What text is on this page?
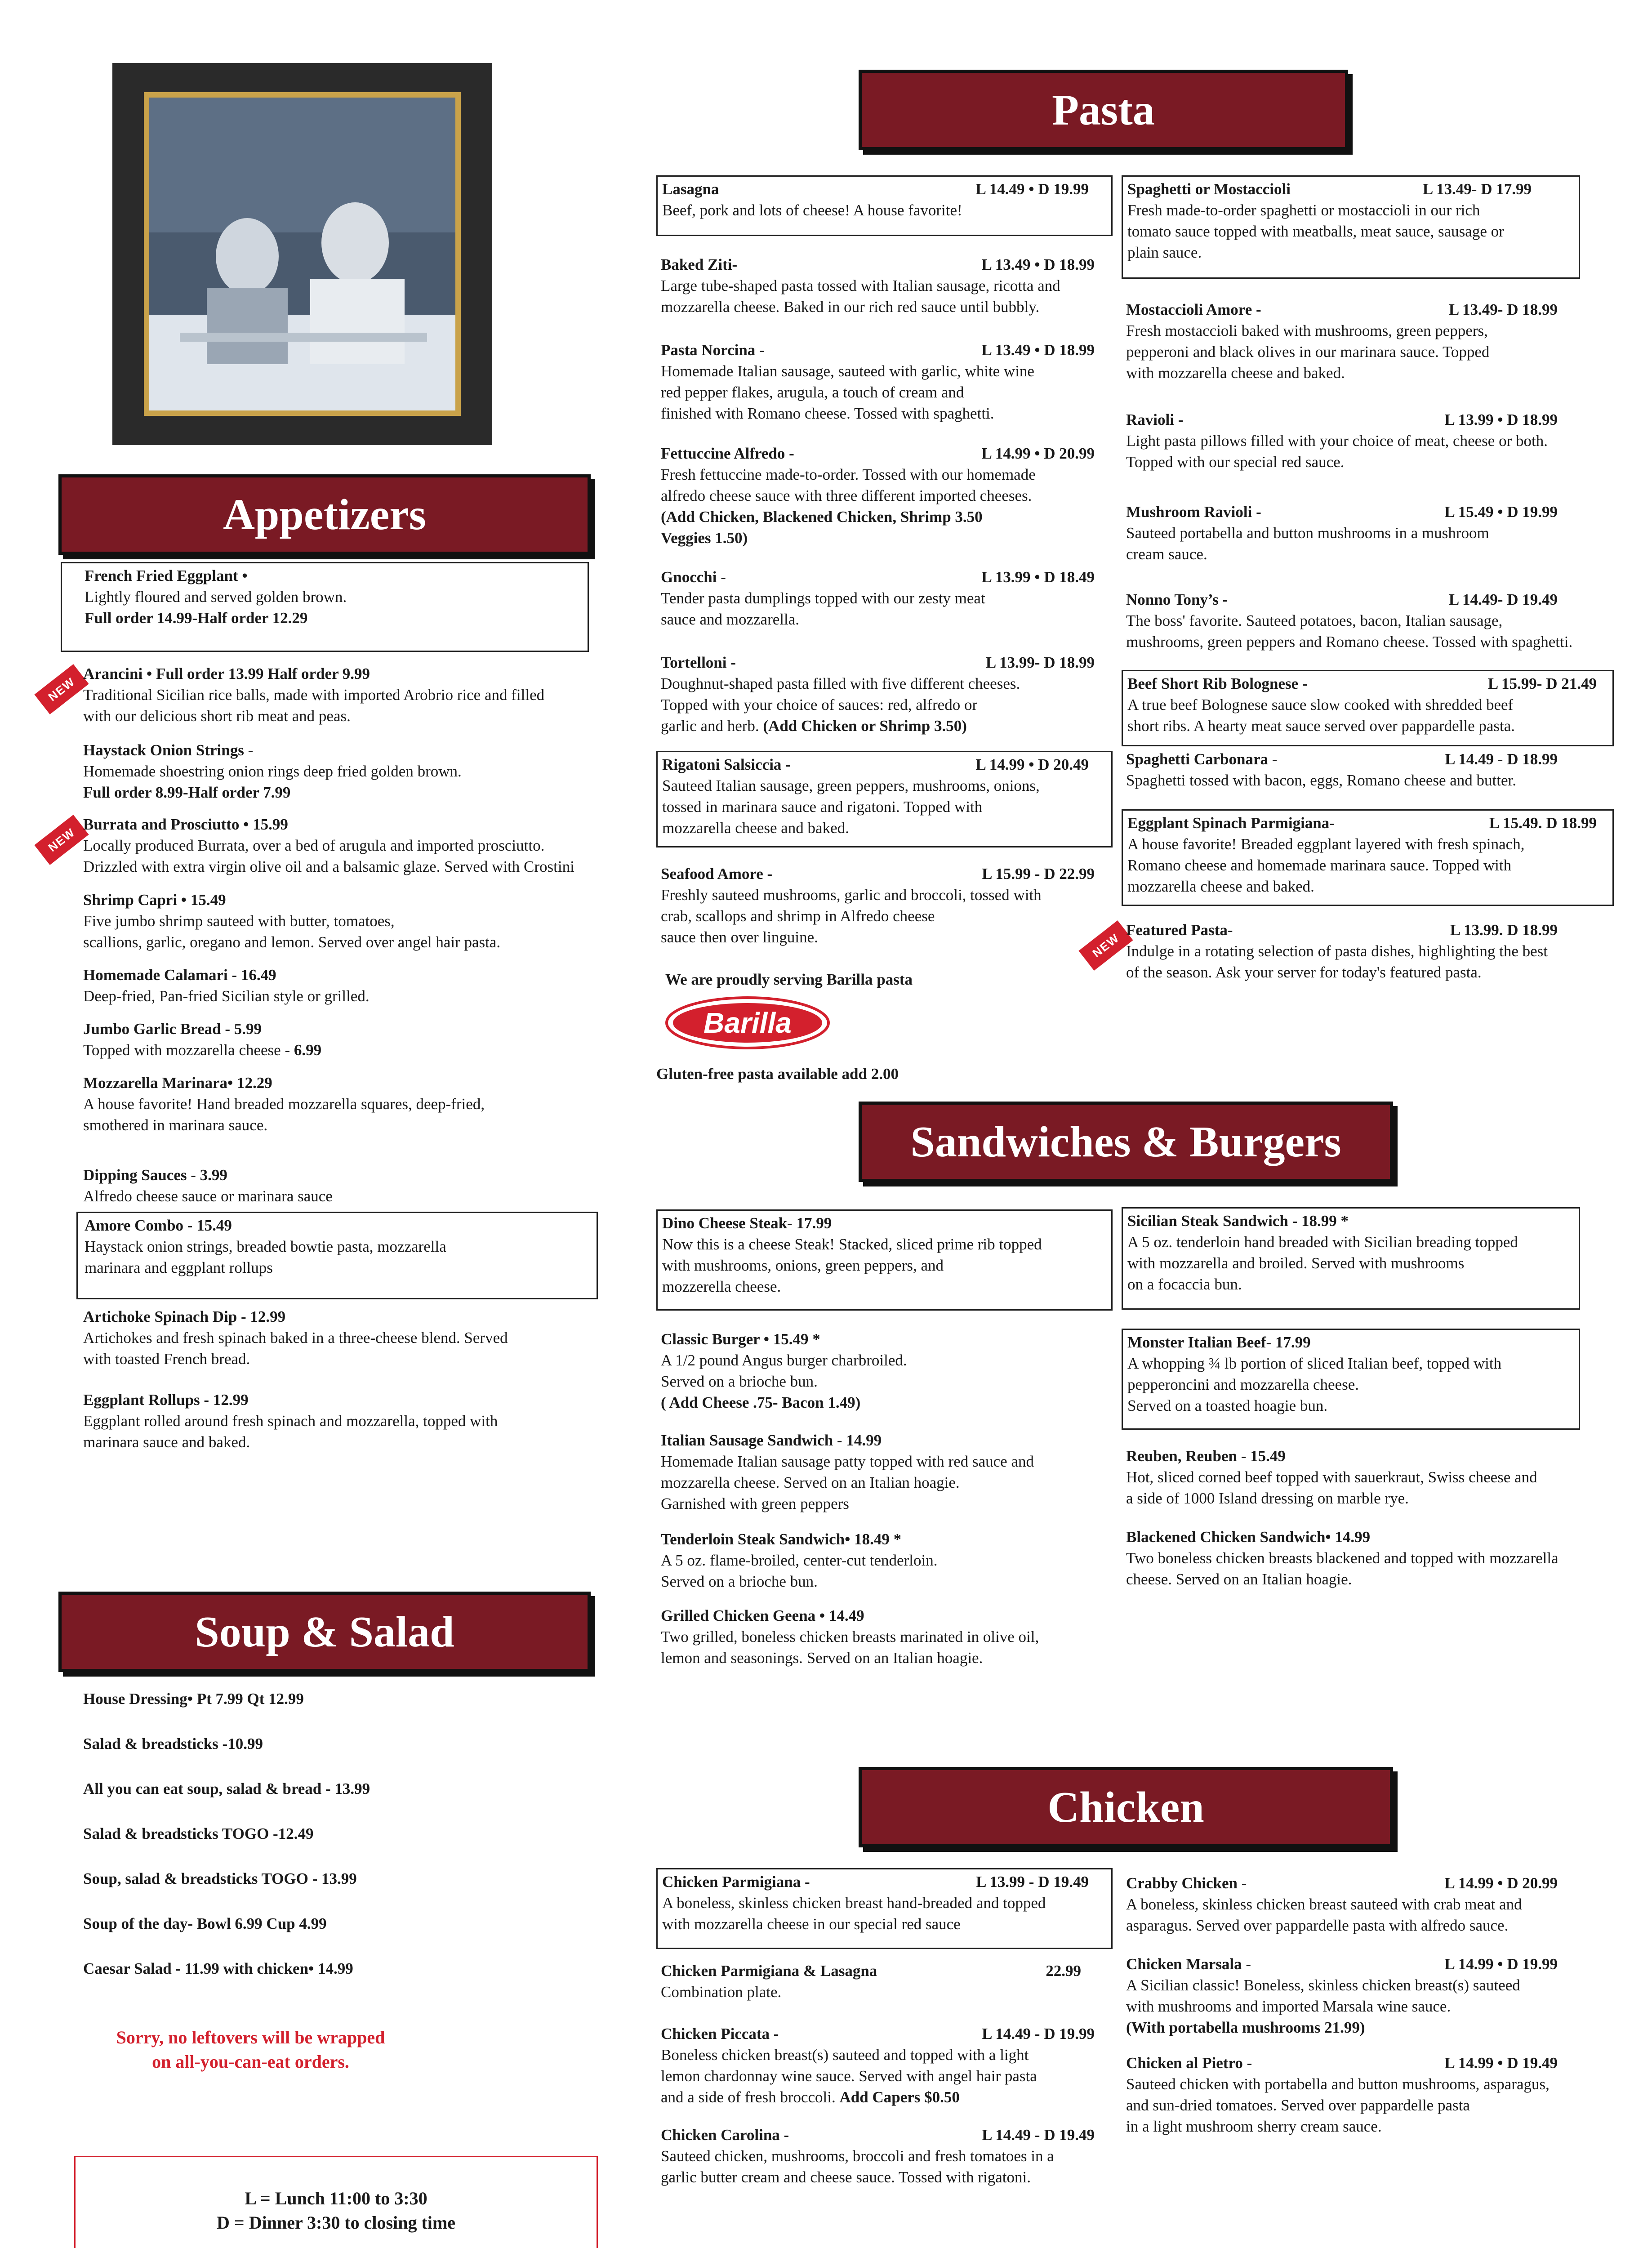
Pasta
Appetizers
Soup & Salad
Sandwiches & Burgers
Chicken
French Fried Eggplant •
Lightly floured and served golden brown.
Full order 14.99-Half order 12.29
NEW
Arancini • Full order 13.99 Half order 9.99
Traditional Sicilian rice balls, made with imported Arobrio rice and filled
with our delicious short rib meat and peas.
Haystack Onion Strings -
Homemade shoestring onion rings deep fried golden brown.
Full order 8.99-Half order 7.99
NEW
Burrata and Prosciutto • 15.99
Locally produced Burrata, over a bed of arugula and imported prosciutto.
Drizzled with extra virgin olive oil and a balsamic glaze. Served with Crostini
Shrimp Capri • 15.49
Five jumbo shrimp sauteed with butter, tomatoes,
scallions, garlic, oregano and lemon. Served over angel hair pasta.
Homemade Calamari - 16.49
Deep-fried, Pan-fried Sicilian style or grilled.
Jumbo Garlic Bread - 5.99
Topped with mozzarella cheese - 6.99
Mozzarella Marinara• 12.29
A house favorite! Hand breaded mozzarella squares, deep-fried,
smothered in marinara sauce.
Dipping Sauces - 3.99
Alfredo cheese sauce or marinara sauce
Amore Combo - 15.49
Haystack onion strings, breaded bowtie pasta, mozzarella
marinara and eggplant rollups
Artichoke Spinach Dip - 12.99
Artichokes and fresh spinach baked in a three-cheese blend. Served
with toasted French bread.
Eggplant Rollups - 12.99
Eggplant rolled around fresh spinach and mozzarella, topped with
marinara sauce and baked.
House Dressing• Pt 7.99 Qt 12.99
Salad & breadsticks -10.99
All you can eat soup, salad & bread - 13.99
Salad & breadsticks TOGO -12.49
Soup, salad & breadsticks TOGO - 13.99
Soup of the day- Bowl 6.99 Cup 4.99
Caesar Salad - 11.99 with chicken• 14.99
Sorry, no leftovers will be wrapped
on all-you-can-eat orders.
L = Lunch 11:00 to 3:30
D = Dinner 3:30 to closing time
Lasagna	L 14.49 • D 19.99
Beef, pork and lots of cheese! A house favorite!
Baked Ziti-	L 13.49 • D 18.99
Large tube-shaped pasta tossed with Italian sausage, ricotta and
mozzarella cheese. Baked in our rich red sauce until bubbly.
Pasta Norcina -	L 13.49 • D 18.99
Homemade Italian sausage, sauteed with garlic, white wine
red pepper flakes, arugula, a touch of cream and
finished with Romano cheese. Tossed with spaghetti.
Fettuccine Alfredo -	L 14.99 • D 20.99
Fresh fettuccine made-to-order. Tossed with our homemade
alfredo cheese sauce with three different imported cheeses.
(Add Chicken, Blackened Chicken, Shrimp 3.50
Veggies 1.50)
Gnocchi -	L 13.99 • D 18.49
Tender pasta dumplings topped with our zesty meat
sauce and mozzarella.
Tortelloni -	L 13.99- D 18.99
Doughnut-shaped pasta filled with five different cheeses.
Topped with your choice of sauces: red, alfredo or
garlic and herb. (Add Chicken or Shrimp 3.50)
Rigatoni Salsiccia -	L 14.99 • D 20.49
Sauteed Italian sausage, green peppers, mushrooms, onions,
tossed in marinara sauce and rigatoni. Topped with
mozzarella cheese and baked.
Seafood Amore -	L 15.99 - D 22.99
Freshly sauteed mushrooms, garlic and broccoli, tossed with
crab, scallops and shrimp in Alfredo cheese
sauce then over linguine.
We are proudly serving Barilla pasta
Barilla
Gluten-free pasta available add 2.00
Spaghetti or Mostaccioli	L 13.49- D 17.99
Fresh made-to-order spaghetti or mostaccioli in our rich
tomato sauce topped with meatballs, meat sauce, sausage or
plain sauce.
Mostaccioli Amore -	L 13.49- D 18.99
Fresh mostaccioli baked with mushrooms, green peppers,
pepperoni and black olives in our marinara sauce. Topped
with mozzarella cheese and baked.
Ravioli -	L 13.99 • D 18.99
Light pasta pillows filled with your choice of meat, cheese or both.
Topped with our special red sauce.
Mushroom Ravioli -	L 15.49 • D 19.99
Sauteed portabella and button mushrooms in a mushroom
cream sauce.
Nonno Tony’s -	L 14.49- D 19.49
The boss' favorite. Sauteed potatoes, bacon, Italian sausage,
mushrooms, green peppers and Romano cheese. Tossed with spaghetti.
Beef Short Rib Bolognese -	L 15.99- D 21.49
A true beef Bolognese sauce slow cooked with shredded beef
short ribs. A hearty meat sauce served over pappardelle pasta.
Spaghetti Carbonara -	L 14.49 - D 18.99
Spaghetti tossed with bacon, eggs, Romano cheese and butter.
Eggplant Spinach Parmigiana-	L 15.49. D 18.99
A house favorite! Breaded eggplant layered with fresh spinach,
Romano cheese and homemade marinara sauce. Topped with
mozzarella cheese and baked.
NEW
Featured Pasta-	L 13.99. D 18.99
Indulge in a rotating selection of pasta dishes, highlighting the best
of the season. Ask your server for today's featured pasta.
Dino Cheese Steak- 17.99
Now this is a cheese Steak! Stacked, sliced prime rib topped
with mushrooms, onions, green peppers, and
mozzerella cheese.
Classic Burger • 15.49 *
A 1/2 pound Angus burger charbroiled.
Served on a brioche bun.
( Add Cheese .75- Bacon 1.49)
Italian Sausage Sandwich - 14.99
Homemade Italian sausage patty topped with red sauce and
mozzarella cheese. Served on an Italian hoagie.
Garnished with green peppers
Tenderloin Steak Sandwich• 18.49 *
A 5 oz. flame-broiled, center-cut tenderloin.
Served on a brioche bun.
Grilled Chicken Geena • 14.49
Two grilled, boneless chicken breasts marinated in olive oil,
lemon and seasonings. Served on an Italian hoagie.
Sicilian Steak Sandwich - 18.99 *
A 5 oz. tenderloin hand breaded with Sicilian breading topped
with mozzarella and broiled. Served with mushrooms
on a focaccia bun.
Monster Italian Beef- 17.99
A whopping ¾ lb portion of sliced Italian beef, topped with
pepperoncini and mozzarella cheese.
Served on a toasted hoagie bun.
Reuben, Reuben - 15.49
Hot, sliced corned beef topped with sauerkraut, Swiss cheese and
a side of 1000 Island dressing on marble rye.
Blackened Chicken Sandwich• 14.99
Two boneless chicken breasts blackened and topped with mozzarella
cheese. Served on an Italian hoagie.
Chicken Parmigiana -	L 13.99 - D 19.49
A boneless, skinless chicken breast hand-breaded and topped
with mozzarella cheese in our special red sauce
Chicken Parmigiana & Lasagna	22.99
Combination plate.
Chicken Piccata -	L 14.49 - D 19.99
Boneless chicken breast(s) sauteed and topped with a light
lemon chardonnay wine sauce. Served with angel hair pasta
and a side of fresh broccoli. Add Capers $0.50
Chicken Carolina -	L 14.49 - D 19.49
Sauteed chicken, mushrooms, broccoli and fresh tomatoes in a
garlic butter cream and cheese sauce. Tossed with rigatoni.
Crabby Chicken -	L 14.99 • D 20.99
A boneless, skinless chicken breast sauteed with crab meat and
asparagus. Served over pappardelle pasta with alfredo sauce.
Chicken Marsala -	L 14.99 • D 19.99
A Sicilian classic! Boneless, skinless chicken breast(s) sauteed
with mushrooms and imported Marsala wine sauce.
(With portabella mushrooms 21.99)
Chicken al Pietro -	L 14.99 • D 19.49
Sauteed chicken with portabella and button mushrooms, asparagus,
and sun-dried tomatoes. Served over pappardelle pasta
in a light mushroom sherry cream sauce.
